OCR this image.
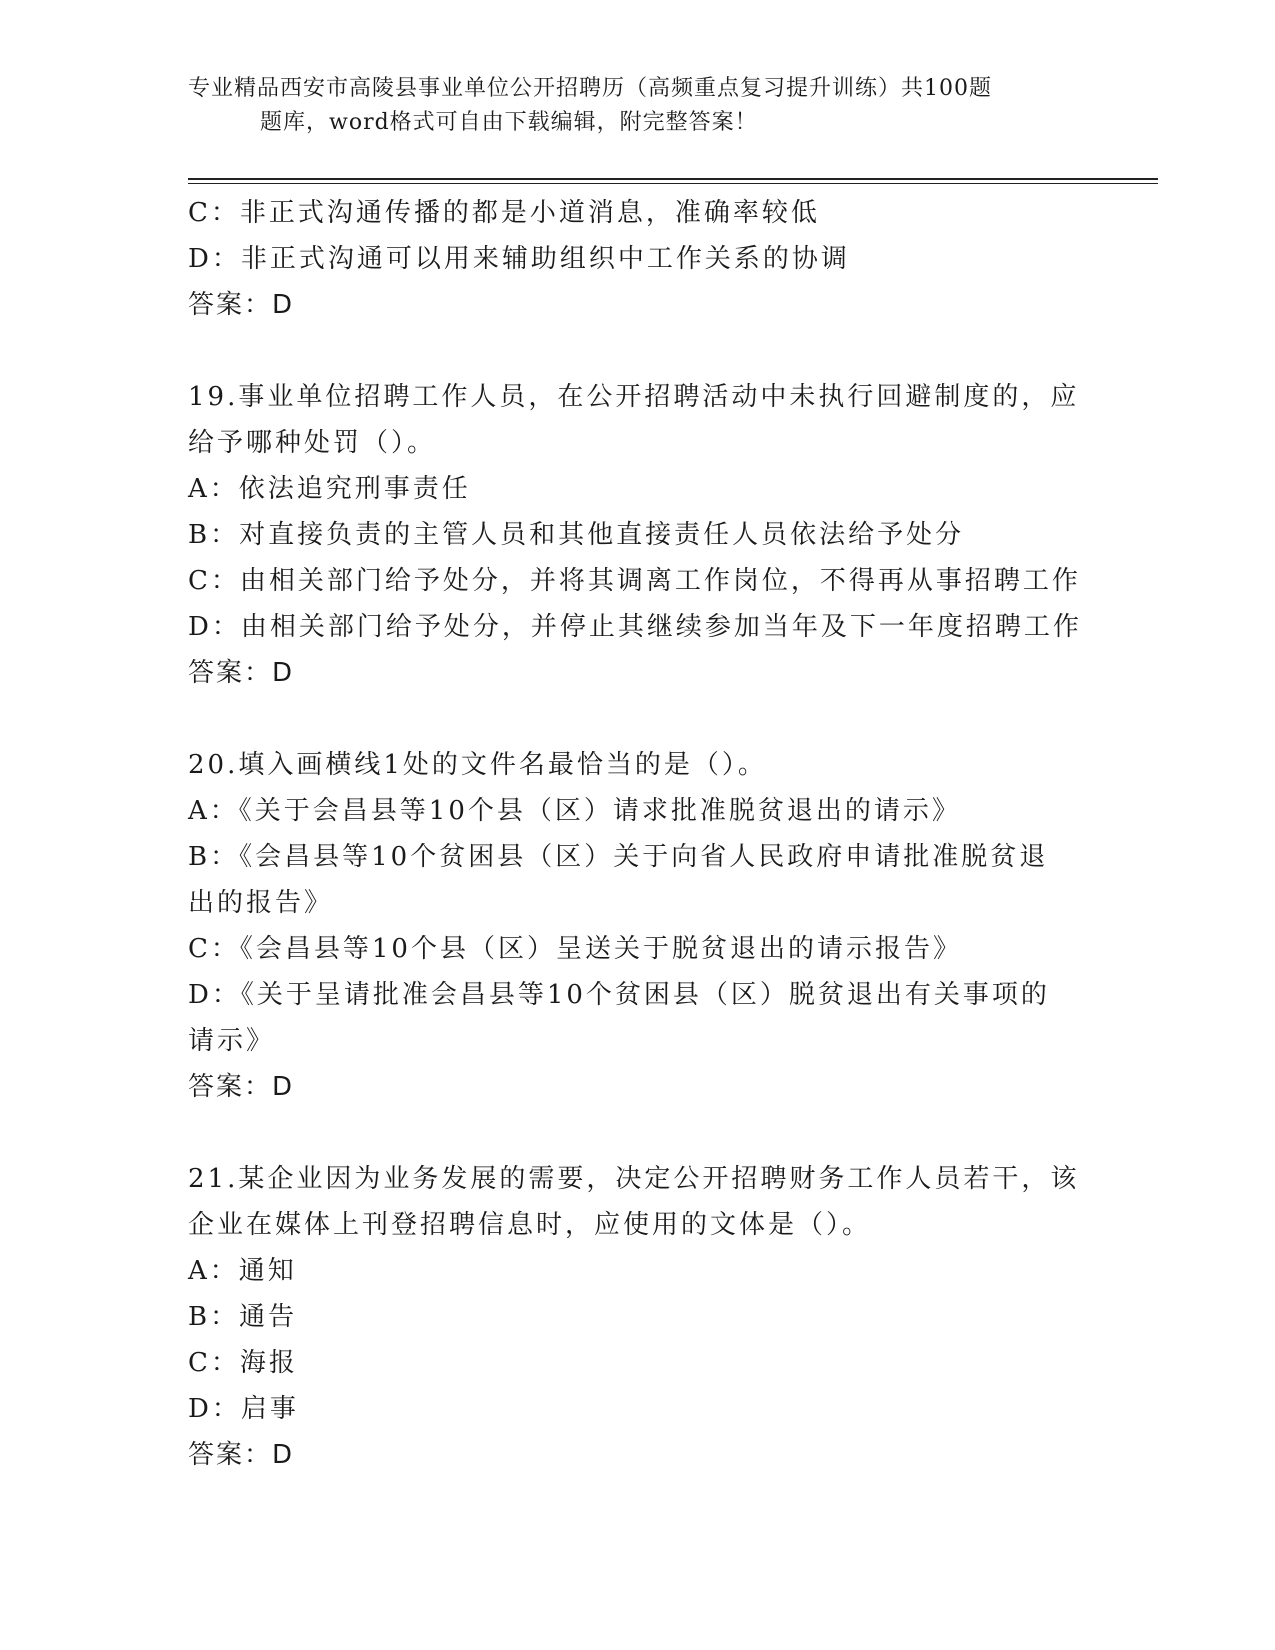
专业精品西安市高陵县事业单位公开招聘历（高频重点复习提升训练）共100题
题库，word格式可自由下载编辑，附完整答案！
C：非正式沟通传播的都是小道消息，准确率较低
D：非正式沟通可以用来辅助组织中工作关系的协调
答案：D
19.事业单位招聘工作人员，在公开招聘活动中未执行回避制度的，应
给予哪种处罚（）。
A：依法追究刑事责任
B：对直接负责的主管人员和其他直接责任人员依法给予处分
C：由相关部门给予处分，并将其调离工作岗位，不得再从事招聘工作
D：由相关部门给予处分，并停止其继续参加当年及下一年度招聘工作
答案：D
20.填入画横线1处的文件名最恰当的是（）。
A：《关于会昌县等10个县（区）请求批准脱贫退出的请示》
B：《会昌县等10个贫困县（区）关于向省人民政府申请批准脱贫退
出的报告》
C：《会昌县等10个县（区）呈送关于脱贫退出的请示报告》
D：《关于呈请批准会昌县等10个贫困县（区）脱贫退出有关事项的
请示》
答案：D
21.某企业因为业务发展的需要，决定公开招聘财务工作人员若干，该
企业在媒体上刊登招聘信息时，应使用的文体是（）。
A：通知
B：通告
C：海报
D：启事
答案：D
